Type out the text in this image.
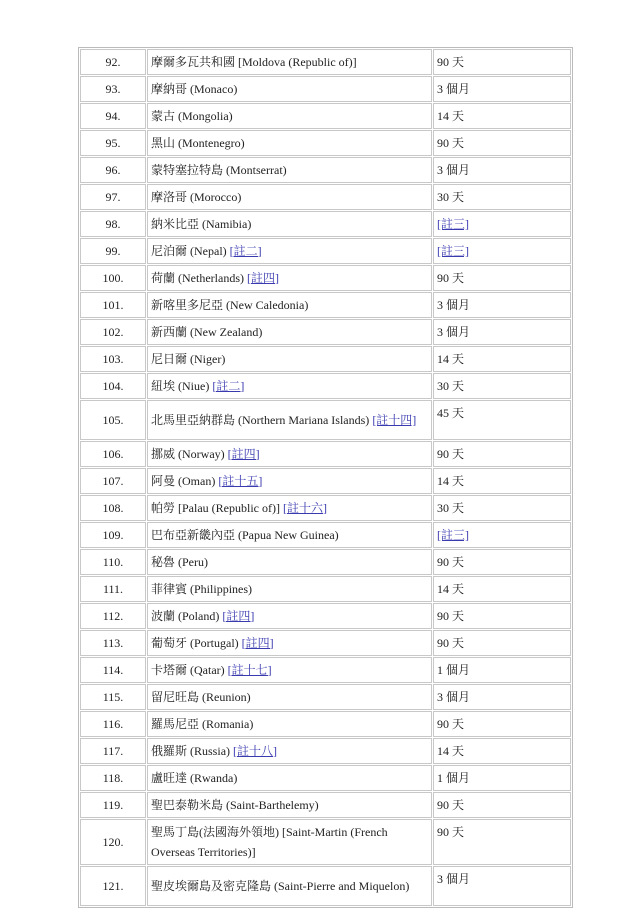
92.	摩爾多瓦共和國 [Moldova (Republic of)]	90 天
93.	摩納哥 (Monaco)	3 個月
94.	蒙古 (Mongolia)	14 天
95.	黑山 (Montenegro)	90 天
96.	蒙特塞拉特島 (Montserrat)	3 個月
97.	摩洛哥 (Morocco)	30 天
98.	納米比亞 (Namibia)	[註三]
99.	尼泊爾 (Nepal) [註二]	[註三]
100.	荷蘭 (Netherlands) [註四]	90 天
101.	新喀里多尼亞 (New Caledonia)	3 個月
102.	新西蘭 (New Zealand)	3 個月
103.	尼日爾 (Niger)	14 天
104.	紐埃 (Niue) [註二]	30 天
105.	北馬里亞納群島 (Northern Mariana Islands) [註十四]	45 天
106.	挪威 (Norway) [註四]	90 天
107.	阿曼 (Oman) [註十五]	14 天
108.	帕勞 [Palau (Republic of)] [註十六]	30 天
109.	巴布亞新畿內亞 (Papua New Guinea)	[註三]
110.	秘魯 (Peru)	90 天
111.	菲律賓 (Philippines)	14 天
112.	波蘭 (Poland) [註四]	90 天
113.	葡萄牙 (Portugal) [註四]	90 天
114.	卡塔爾 (Qatar) [註十七]	1 個月
115.	留尼旺島 (Reunion)	3 個月
116.	羅馬尼亞 (Romania)	90 天
117.	俄羅斯 (Russia) [註十八]	14 天
118.	盧旺達 (Rwanda)	1 個月
119.	聖巴泰勒米島 (Saint-Barthelemy)	90 天
120.	聖馬丁島(法國海外領地) [Saint-Martin (French Overseas Territories)]	90 天
121.	聖皮埃爾島及密克隆島 (Saint-Pierre and Miquelon)	3 個月
